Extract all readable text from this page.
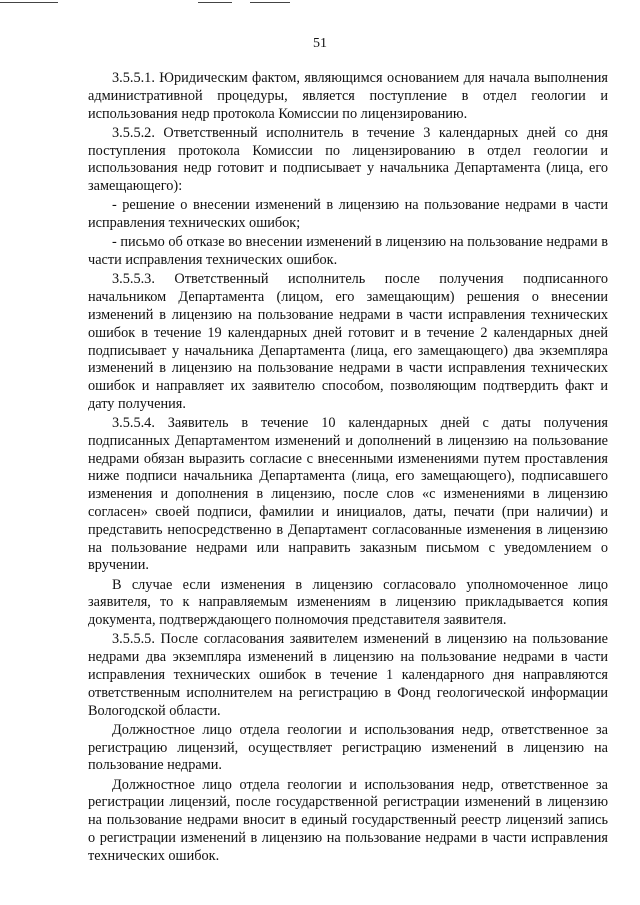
51

3.5.5.1. Юридическим фактом, являющимся основанием для начала выполнения административной процедуры, является поступление в отдел геологии и использования недр протокола Комиссии по лицензированию.

3.5.5.2. Ответственный исполнитель в течение 3 календарных дней со дня поступления протокола Комиссии по лицензированию в отдел геологии и использования недр готовит и подписывает у начальника Департамента (лица, его замещающего):

- решение о внесении изменений в лицензию на пользование недрами в части исправления технических ошибок;

- письмо об отказе во внесении изменений в лицензию на пользование недрами в части исправления технических ошибок.

3.5.5.3. Ответственный исполнитель после получения подписанного начальником Департамента (лицом, его замещающим) решения о внесении изменений в лицензию на пользование недрами в части исправления технических ошибок в течение 19 календарных дней готовит и в течение 2 календарных дней подписывает у начальника Департамента (лица, его замещающего) два экземпляра изменений в лицензию на пользование недрами в части исправления технических ошибок и направляет их заявителю способом, позволяющим подтвердить факт и дату получения.

3.5.5.4. Заявитель в течение 10 календарных дней с даты получения подписанных Департаментом изменений и дополнений в лицензию на пользование недрами обязан выразить согласие с внесенными изменениями путем проставления ниже подписи начальника Департамента (лица, его замещающего), подписавшего изменения и дополнения в лицензию, после слов «с изменениями в лицензию согласен» своей подписи, фамилии и инициалов, даты, печати (при наличии) и представить непосредственно в Департамент согласованные изменения в лицензию на пользование недрами или направить заказным письмом с уведомлением о вручении.

В случае если изменения в лицензию согласовало уполномоченное лицо заявителя, то к направляемым изменениям в лицензию прикладывается копия документа, подтверждающего полномочия представителя заявителя.

3.5.5.5. После согласования заявителем изменений в лицензию на пользование недрами два экземпляра изменений в лицензию на пользование недрами в части исправления технических ошибок в течение 1 календарного дня направляются ответственным исполнителем на регистрацию в Фонд геологической информации Вологодской области.

Должностное лицо отдела геологии и использования недр, ответственное за регистрацию лицензий, осуществляет регистрацию изменений в лицензию на пользование недрами.

Должностное лицо отдела геологии и использования недр, ответственное за регистрации лицензий, после государственной регистрации изменений в лицензию на пользование недрами вносит в единый государственный реестр лицензий запись о регистрации изменений в лицензию на пользование недрами в части исправления технических ошибок.
